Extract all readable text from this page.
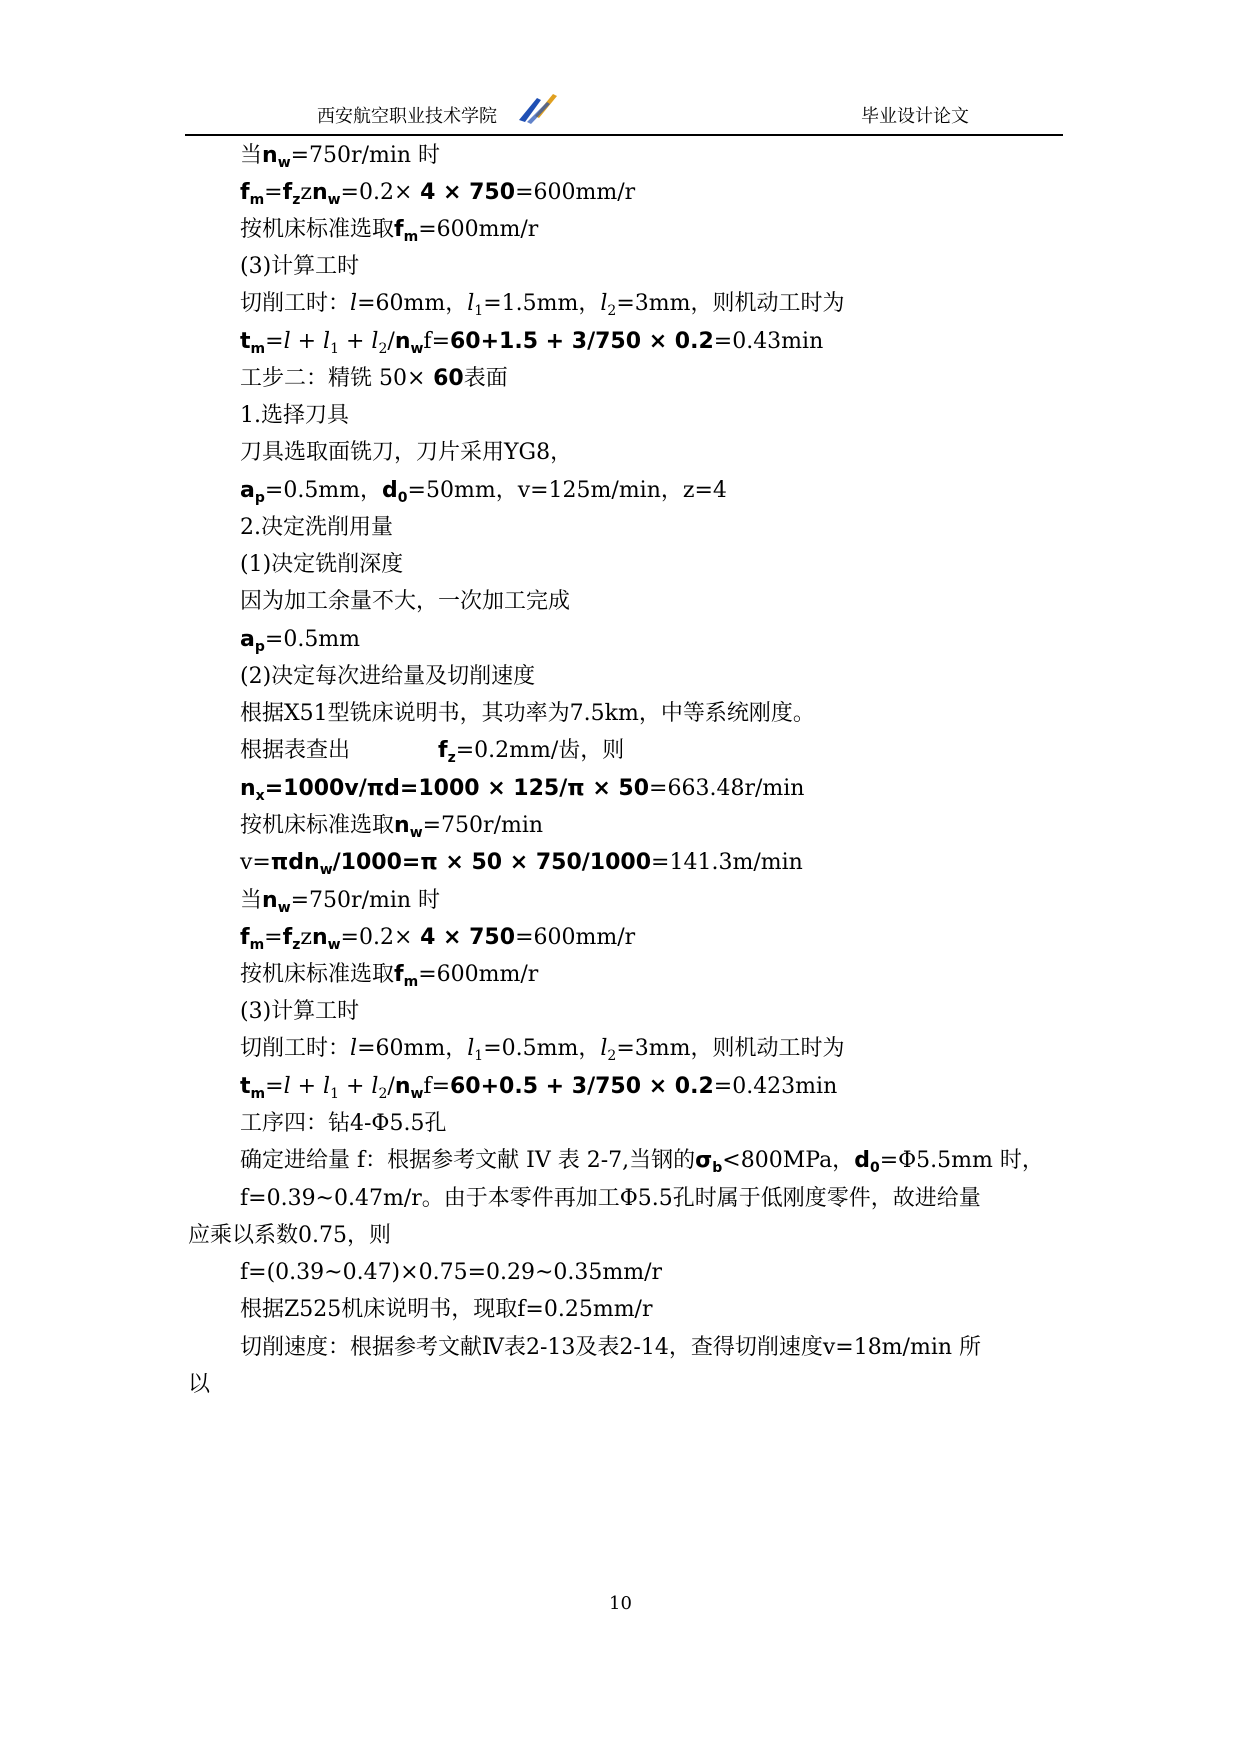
西安航空职业技术学院	毕业设计论文
当$n_w=750r/\min$ 时
$f_m=f_zzn_w=0.2\times 4 \times 750=600mm/r$
按机床标准选取$f_m=600mm/r$
(3)计算工时
切削工时：l=60mm，$l_1=1.5mm$，$l_2=3mm$，则机动工时为
$t_m=l + l_1 + l_2/n_wf=60+1.5 + 3/750 \times 0.2=0.43\min$
工步二：精铣 50× 60表面
1.选择刀具
刀具选取面铣刀，刀片采用YG8，
$a_p=0.5mm$，$d_0=50mm$，v=125m/min，z=4
2.决定洗削用量
(1)决定铣削深度
因为加工余量不大，一次加工完成
$a_p=0.5mm$
(2)决定每次进给量及切削速度
根据X51型铣床说明书，其功率为7.5km，中等系统刚度。
根据表查出　　　　$f_z=0.2mm/$齿，则
$n_x=1000v/\pi d=1000 \times 125/\pi \times 50=663.48r/\min$
按机床标准选取$n_w=750r/\min$
v=πdn$_w$/1000=π × 50 × 750/1000=141.3m/min
当$n_w=750r/\min$ 时
$f_m=f_zzn_w=0.2\times 4 \times 750=600mm/r$
按机床标准选取$f_m=600mm/r$
(3)计算工时
切削工时：l=60mm，$l_1=0.5mm$，$l_2=3mm$，则机动工时为
$t_m=l + l_1 + l_2/n_wf=60+0.5 + 3/750 \times 0.2=0.423\min$
工序四：钻4-Φ5.5孔
确定进给量 f：根据参考文献 IV 表 2-7,当钢的$\sigma_b<800MPa$，$d_0=\Phi 5.5mm$ 时，
f=0.39~0.47m/r。由于本零件再加工Φ5.5孔时属于低刚度零件，故进给量
应乘以系数0.75，则
f=(0.39~0.47)×0.75=0.29~0.35mm/r
根据Z525机床说明书，现取f=0.25mm/r
切削速度：根据参考文献Ⅳ表2-13及表2-14，查得切削速度v=18m/min 所
以
10
